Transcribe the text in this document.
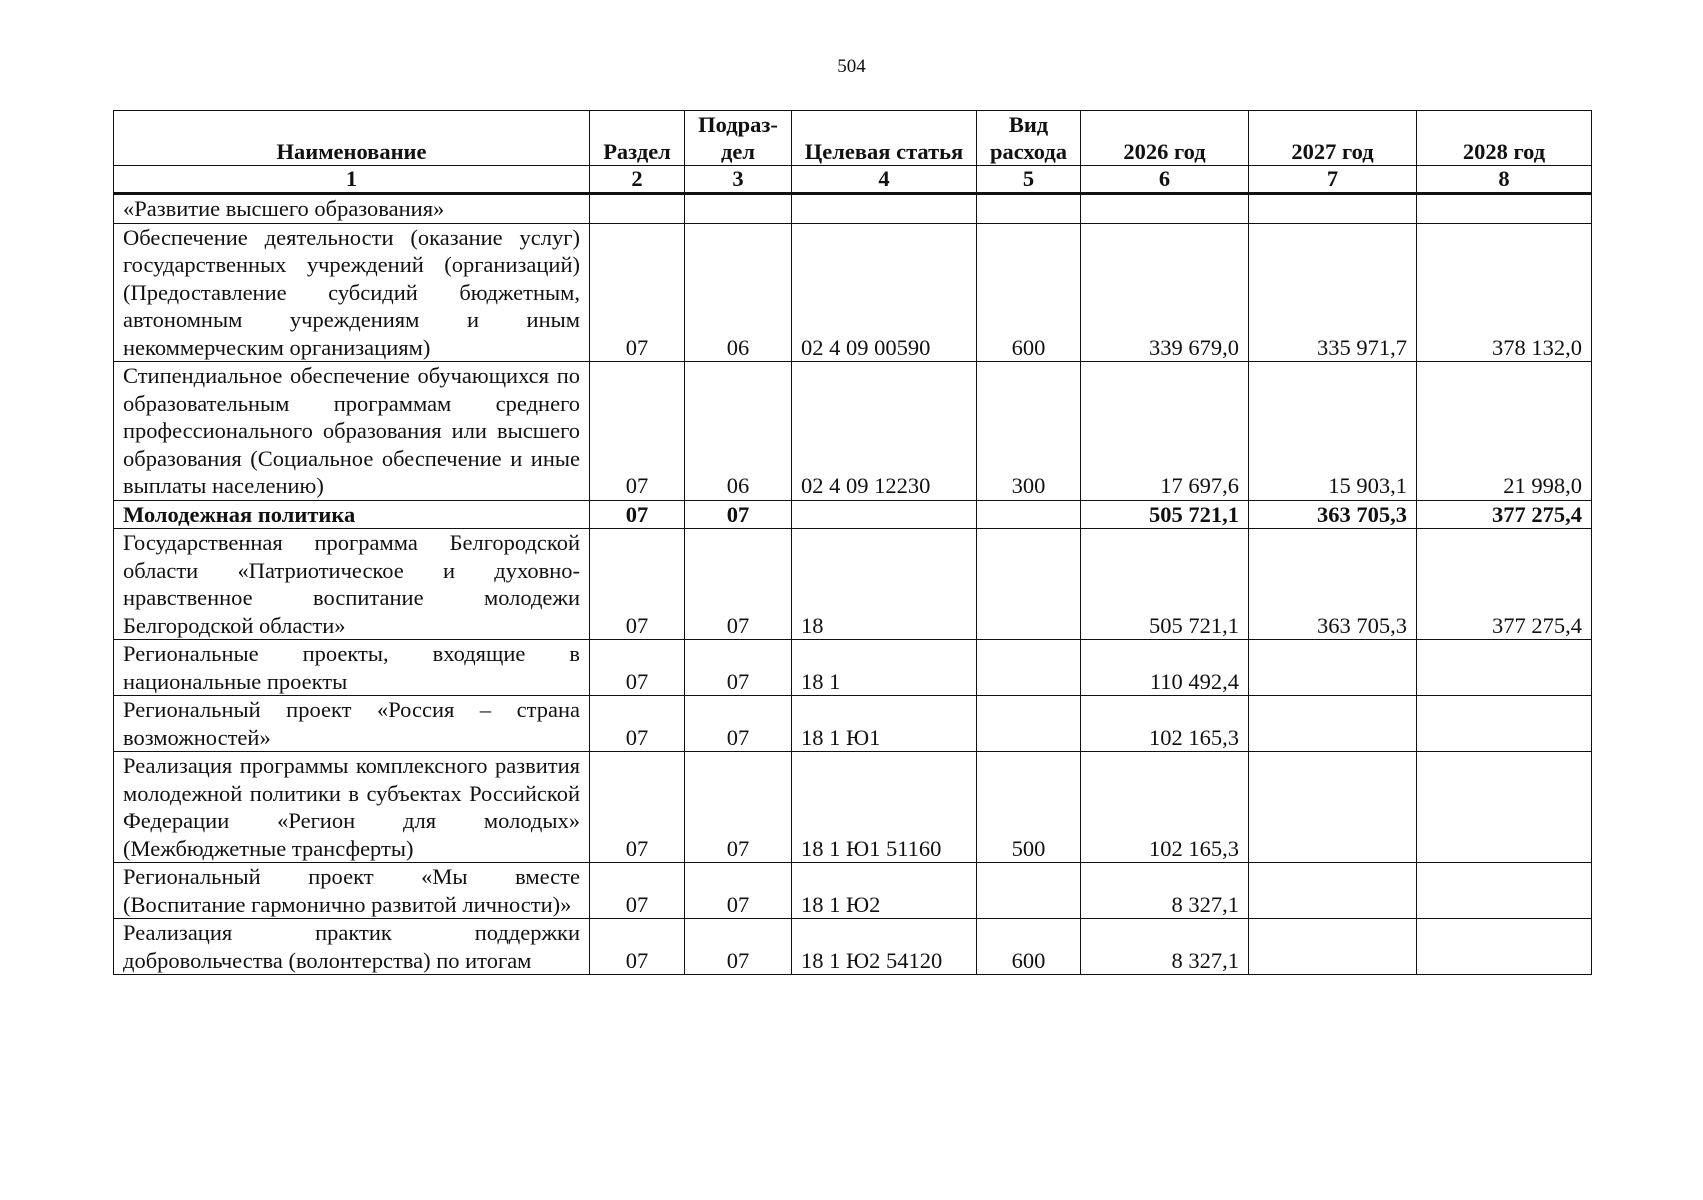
504
Наименование	Раздел	Подраз-дел	Целевая статья	Вид расхода	2026 год	2027 год	2028 год
1	2	3	4	5	6	7	8
«Развитие высшего образования»							
Обеспечение деятельности (оказание услуг) государственных учреждений (организаций) (Предоставление субсидий бюджетным, автономным учреждениям и иным некоммерческим организациям)	07	06	02 4 09 00590	600	339 679,0	335 971,7	378 132,0
Стипендиальное обеспечение обучающихся по образовательным программам среднего профессионального образования или высшего образования (Социальное обеспечение и иные выплаты населению)	07	06	02 4 09 12230	300	17 697,6	15 903,1	21 998,0
Молодежная политика	07	07			505 721,1	363 705,3	377 275,4
Государственная программа Белгородской области «Патриотическое и духовно-нравственное воспитание молодежи Белгородской области»	07	07	18		505 721,1	363 705,3	377 275,4
Региональные проекты, входящие в национальные проекты	07	07	18 1		110 492,4		
Региональный проект «Россия – страна возможностей»	07	07	18 1 Ю1		102 165,3		
Реализация программы комплексного развития молодежной политики в субъектах Российской Федерации «Регион для молодых» (Межбюджетные трансферты)	07	07	18 1 Ю1 51160	500	102 165,3		
Региональный проект «Мы вместе (Воспитание гармонично развитой личности)»	07	07	18 1 Ю2		8 327,1		
Реализация практик поддержки добровольчества (волонтерства) по итогам	07	07	18 1 Ю2 54120	600	8 327,1		
